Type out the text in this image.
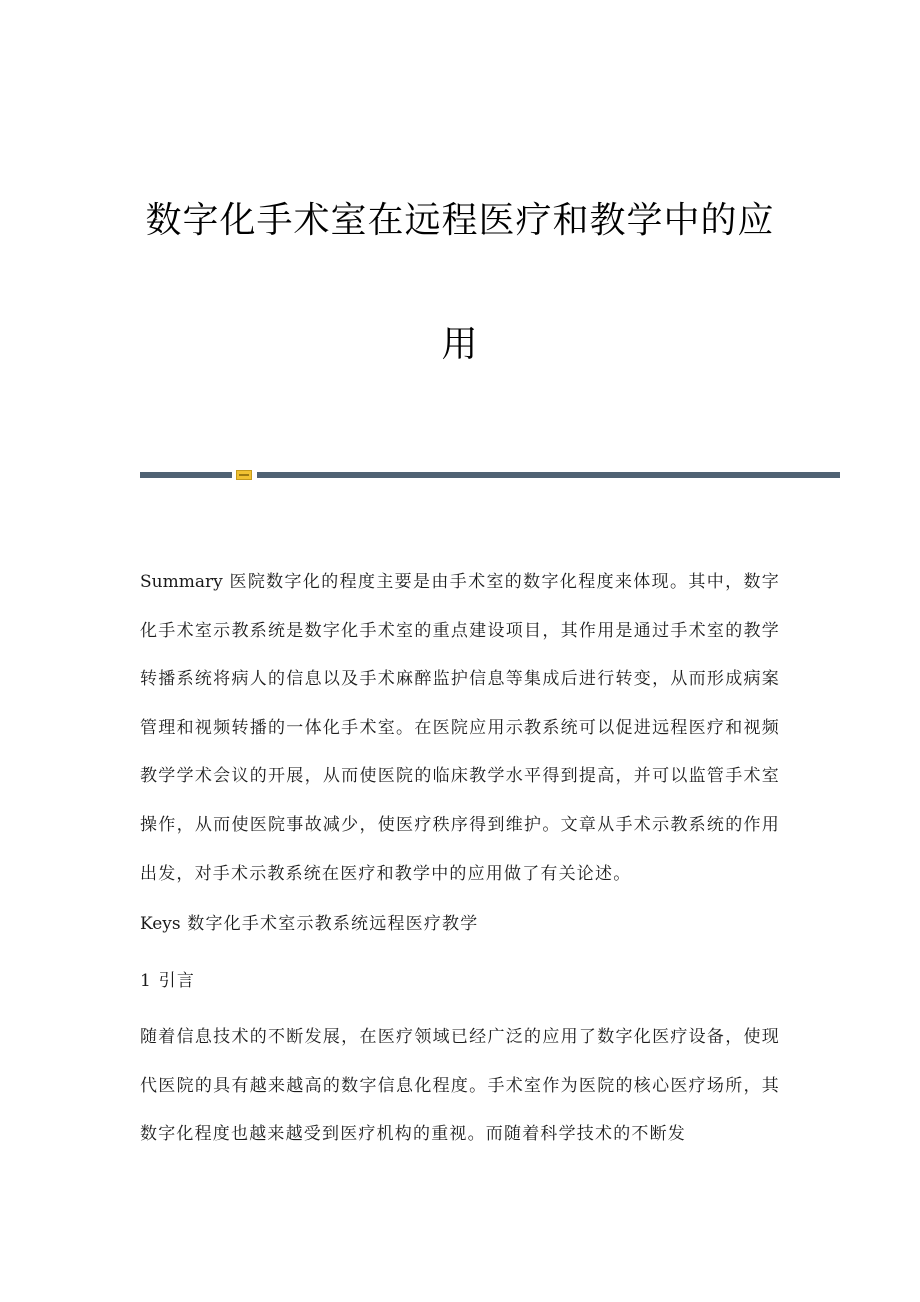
数字化手术室在远程医疗和教学中的应
用

Summary 医院数字化的程度主要是由手术室的数字化程度来体现。其中，数字化手术室示教系统是数字化手术室的重点建设项目，其作用是通过手术室的教学转播系统将病人的信息以及手术麻醉监护信息等集成后进行转变，从而形成病案管理和视频转播的一体化手术室。在医院应用示教系统可以促进远程医疗和视频教学学术会议的开展，从而使医院的临床教学水平得到提高，并可以监管手术室操作，从而使医院事故减少，使医疗秩序得到维护。文章从手术示教系统的作用出发，对手术示教系统在医疗和教学中的应用做了有关论述。

Keys 数字化手术室示教系统远程医疗教学

1 引言

随着信息技术的不断发展，在医疗领域已经广泛的应用了数字化医疗设备，使现代医院的具有越来越高的数字信息化程度。手术室作为医院的核心医疗场所，其数字化程度也越来越受到医疗机构的重视。而随着科学技术的不断发
